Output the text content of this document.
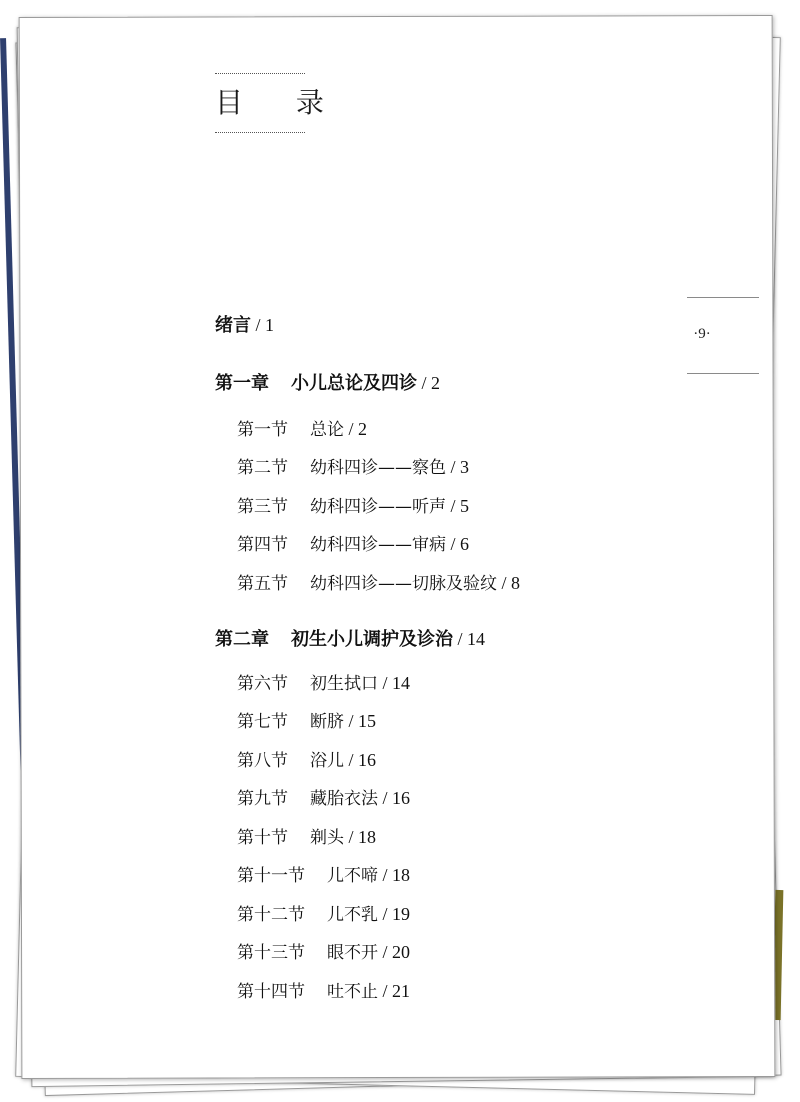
目 录
·9·
绪言 / 1
第一章 小儿总论及四诊 / 2
第一节 总论 / 2
第二节 幼科四诊——察色 / 3
第三节 幼科四诊——听声 / 5
第四节 幼科四诊——审病 / 6
第五节 幼科四诊——切脉及验纹 / 8
第二章 初生小儿调护及诊治 / 14
第六节 初生拭口 / 14
第七节 断脐 / 15
第八节 浴儿 / 16
第九节 藏胎衣法 / 16
第十节 剃头 / 18
第十一节 儿不啼 / 18
第十二节 儿不乳 / 19
第十三节 眼不开 / 20
第十四节 吐不止 / 21
